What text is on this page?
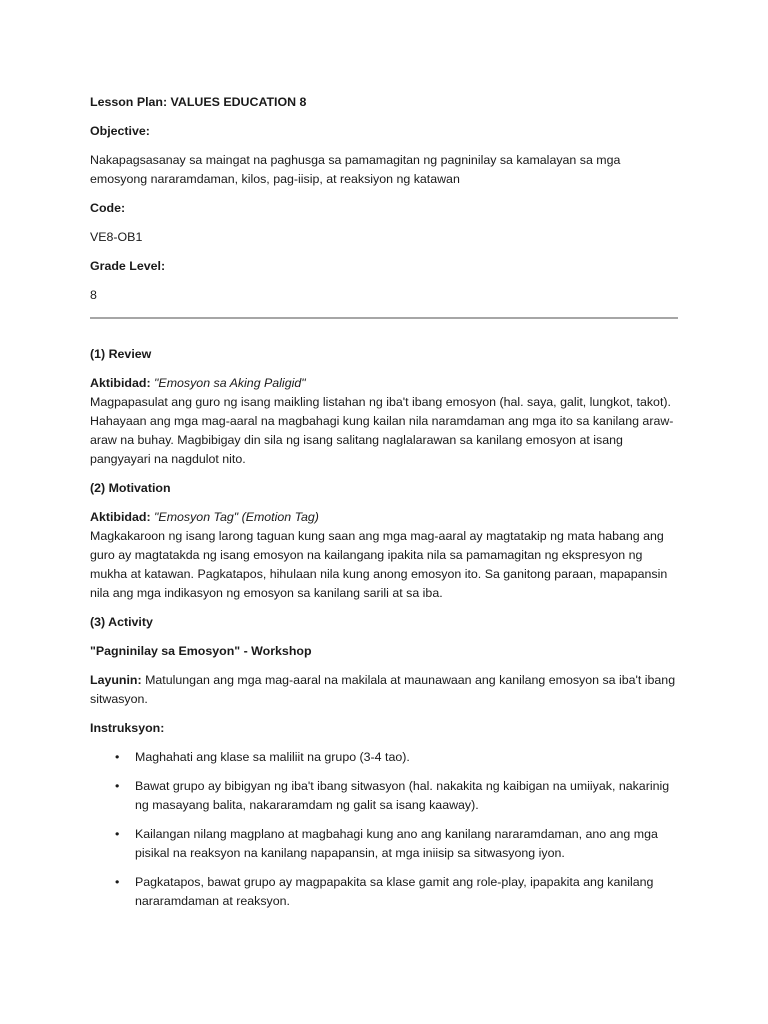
Lesson Plan: VALUES EDUCATION 8

Objective:

Nakapagsasanay sa maingat na paghusga sa pamamagitan ng pagninilay sa kamalayan sa mga emosyong nararamdaman, kilos, pag-iisip, at reaksiyon ng katawan

Code:

VE8-OB1

Grade Level:

8

(1) Review

Aktibidad: "Emosyon sa Aking Paligid"
Magpapasulat ang guro ng isang maikling listahan ng iba't ibang emosyon (hal. saya, galit, lungkot, takot). Hahayaan ang mga mag-aaral na magbahagi kung kailan nila naramdaman ang mga ito sa kanilang araw-araw na buhay. Magbibigay din sila ng isang salitang naglalarawan sa kanilang emosyon at isang pangyayari na nagdulot nito.

(2) Motivation

Aktibidad: "Emosyon Tag" (Emotion Tag)
Magkakaroon ng isang larong taguan kung saan ang mga mag-aaral ay magtatakip ng mata habang ang guro ay magtatakda ng isang emosyon na kailangang ipakita nila sa pamamagitan ng ekspresyon ng mukha at katawan. Pagkatapos, hihulaan nila kung anong emosyon ito. Sa ganitong paraan, mapapansin nila ang mga indikasyon ng emosyon sa kanilang sarili at sa iba.

(3) Activity

"Pagninilay sa Emosyon" - Workshop

Layunin: Matulungan ang mga mag-aaral na makilala at maunawaan ang kanilang emosyon sa iba't ibang sitwasyon.

Instruksyon:

• Maghahati ang klase sa maliliit na grupo (3-4 tao).
• Bawat grupo ay bibigyan ng iba't ibang sitwasyon (hal. nakakita ng kaibigan na umiiyak, nakarinig ng masayang balita, nakararamdam ng galit sa isang kaaway).
• Kailangan nilang magplano at magbahagi kung ano ang kanilang nararamdaman, ano ang mga pisikal na reaksyon na kanilang napapansin, at mga iniisip sa sitwasyong iyon.
• Pagkatapos, bawat grupo ay magpapakita sa klase gamit ang role-play, ipapakita ang kanilang nararamdaman at reaksyon.
